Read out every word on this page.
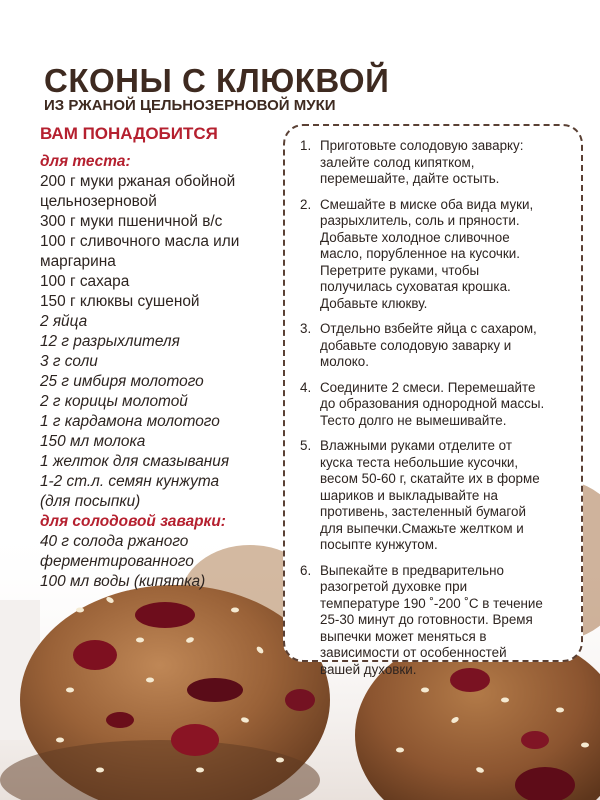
СКОНЫ С КЛЮКВОЙ
ИЗ РЖАНОЙ ЦЕЛЬНОЗЕРНОВОЙ МУКИ
ВАМ ПОНАДОБИТСЯ
для теста:
200 г муки ржаная обойной
цельнозерновой
300 г муки пшеничной в/с
100 г сливочного масла или
маргарина
100 г сахара
150 г клюквы сушеной
2 яйца
12 г разрыхлителя
3 г соли
25 г имбиря молотого
2 г корицы молотой
1 г кардамона молотого
150 мл молока
1 желток для смазывания
1-2 ст.л. семян кунжута
(для посыпки)
для солодовой заварки:
40 г солода ржаного
ферментированного
100 мл воды (кипятка)
1. Приготовьте солодовую заварку:
залейте солод кипятком,
перемешайте, дайте остыть.
2. Смешайте в миске оба вида муки,
разрыхлитель, соль и пряности.
Добавьте холодное сливочное
масло, порубленное на кусочки.
Перетрите руками, чтобы
получилась суховатая крошка.
Добавьте клюкву.
3. Отдельно взбейте яйца с сахаром,
добавьте солодовую заварку и
молоко.
4. Соедините 2 смеси. Перемешайте
до образования однородной массы.
Тесто долго не вымешивайте.
5. Влажными руками отделите от
куска теста небольшие кусочки,
весом 50-60 г, скатайте их в форме
шариков и выкладывайте на
противень, застеленный бумагой
для выпечки.Смажьте желтком и
посыпте кунжутом.
6. Выпекайте в предварительно
разогретой духовке при
температуре 190 ˚-200 ˚С в течение
25-30 минут до готовности. Время
выпечки может меняться в
зависимости от особенностей
вашей духовки.
